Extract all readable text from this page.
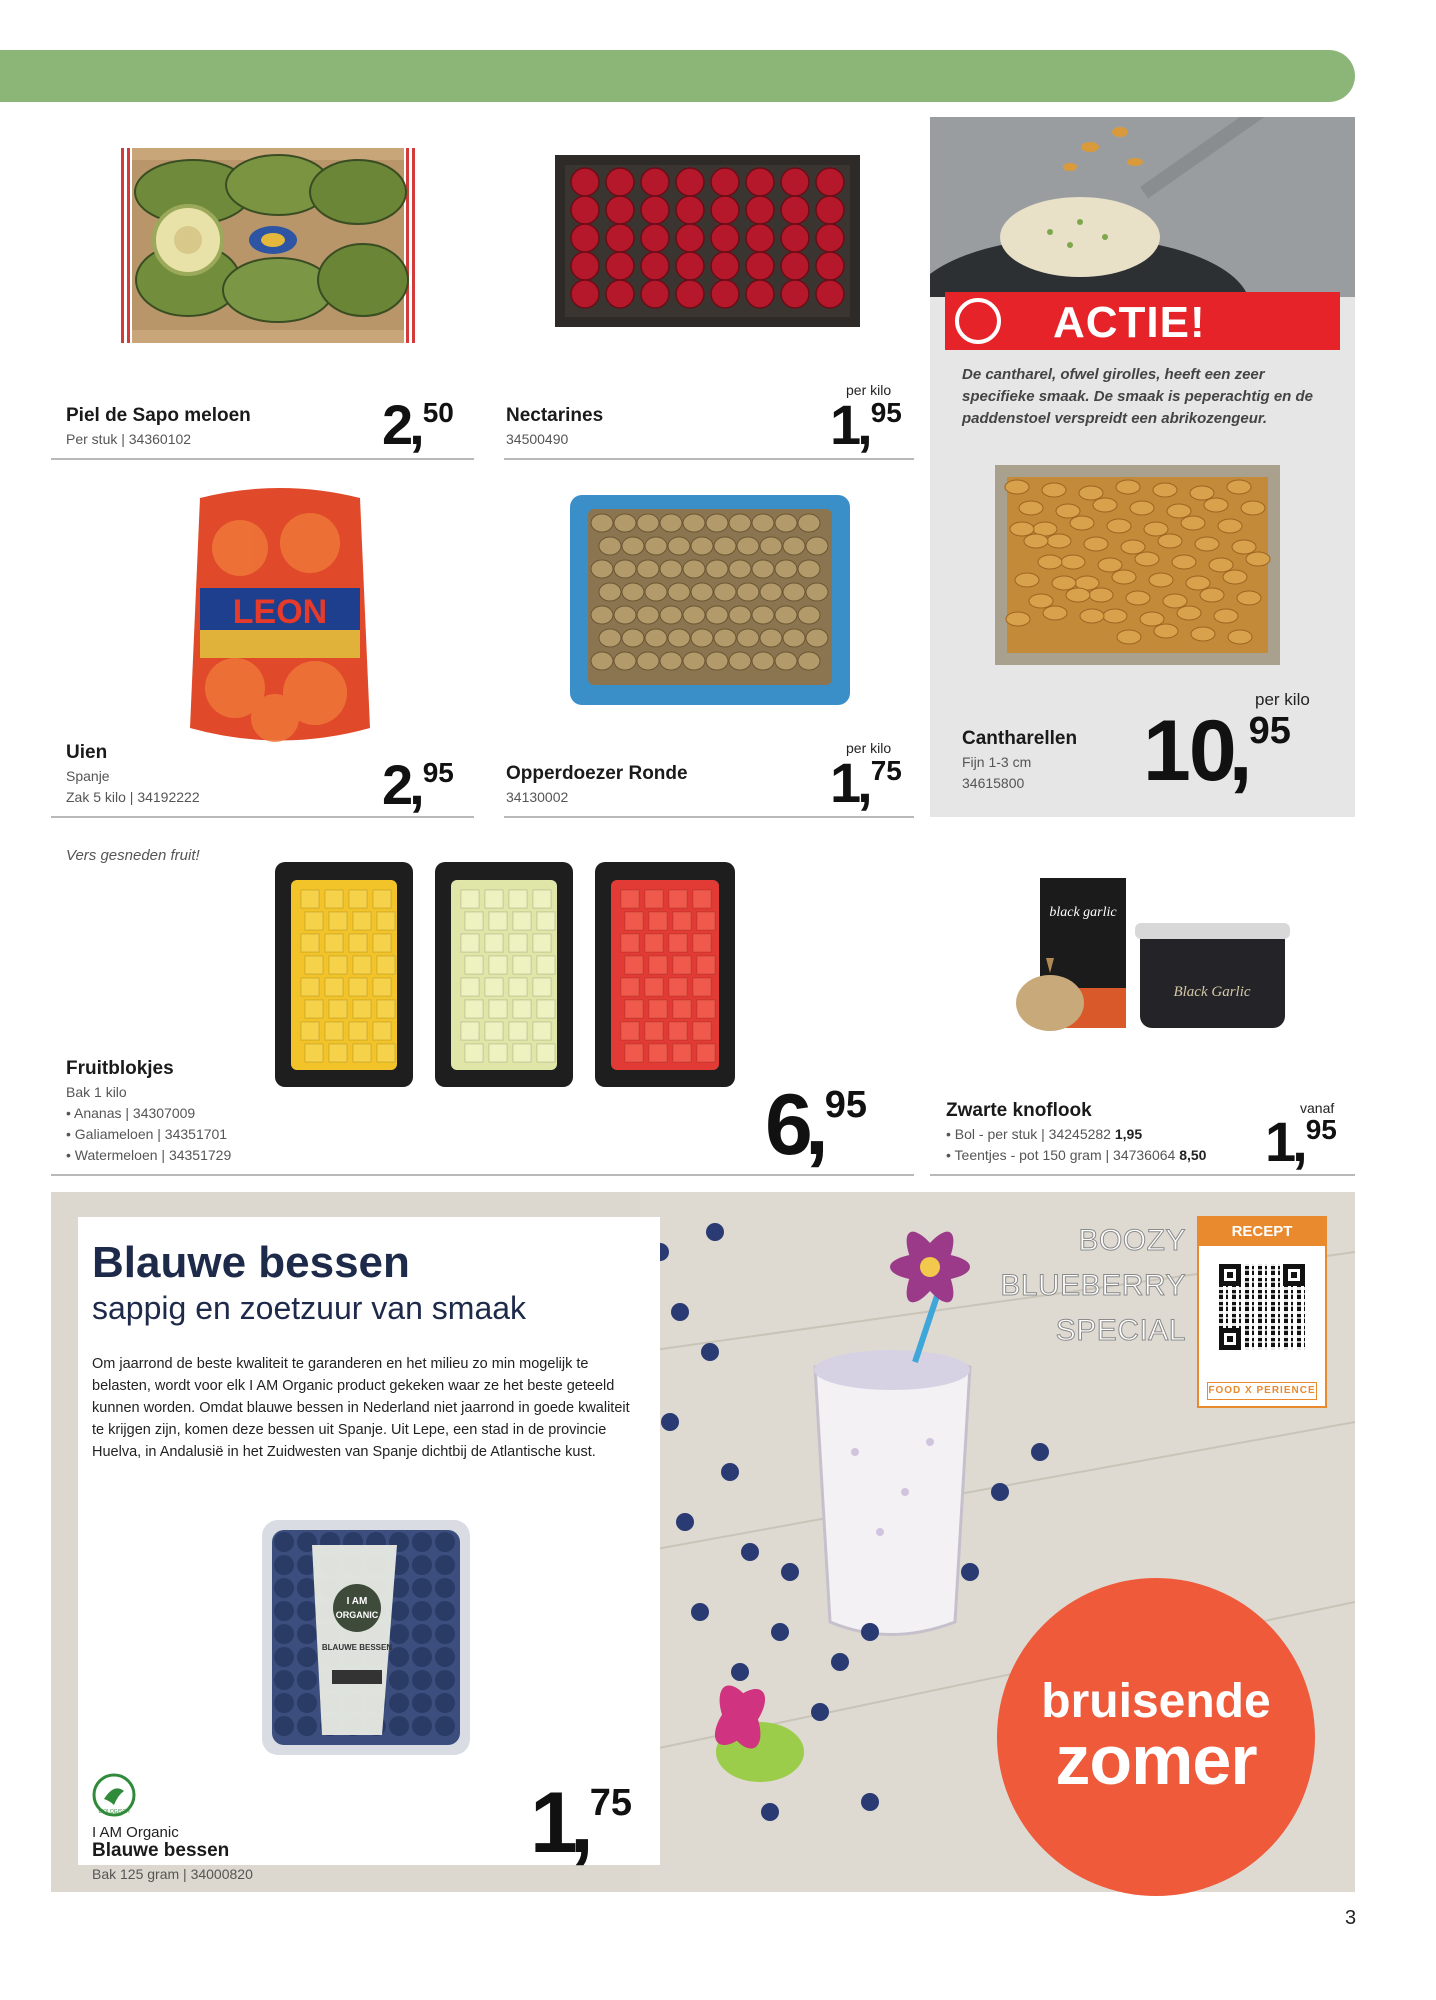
Piel de Sapo meloen
Per stuk | 34360102	2,50
per kilo
Nectarines
34500490	1,95
ACTIE!
De cantharel, ofwel girolles, heeft een zeer specifieke smaak. De smaak is peperachtig en de paddenstoel verspreidt een abrikozengeur.
per kilo
Cantharellen
Fijn 1-3 cm
34615800 10,95
LEON
Uien
Spanje
Zak 5 kilo | 34192222	2,95
per kilo
Opperdoezer Ronde
34130002	1,75
Vers gesneden fruit!
Fruitblokjes
Bak 1 kilo
• Ananas | 34307009
• Galiameloen | 34351701
• Watermeloen | 34351729	6,95
black garlic
Black Garlic
vanaf
Zwarte knoflook
• Bol - per stuk | 34245282 1,95
• Teentjes - pot 150 gram | 34736064 8,50 1,95
BOOZY
BLUEBERRY
SPECIAL
RECEPT
FOOD X PERIENCE
bruisende
zomer
Blauwe bessen
sappig en zoetzuur van smaak
Om jaarrond de beste kwaliteit te garanderen en het milieu zo min mogelijk te belasten, wordt voor elk I AM Organic product gekeken waar ze het beste geteeld kunnen worden. Omdat blauwe bessen in Nederland niet jaarrond in goede kwaliteit te krijgen zijn, komen deze bessen uit Spanje. Uit Lepe, een stad in de provincie Huelva, in Andalusië in het Zuidwesten van Spanje dichtbij de Atlantische kust.
I AM
ORGANIC
BLAUWE BESSEN
BIOLOGISCH
I AM Organic
Blauwe bessen
Bak 125 gram | 34000820
1,75
3
